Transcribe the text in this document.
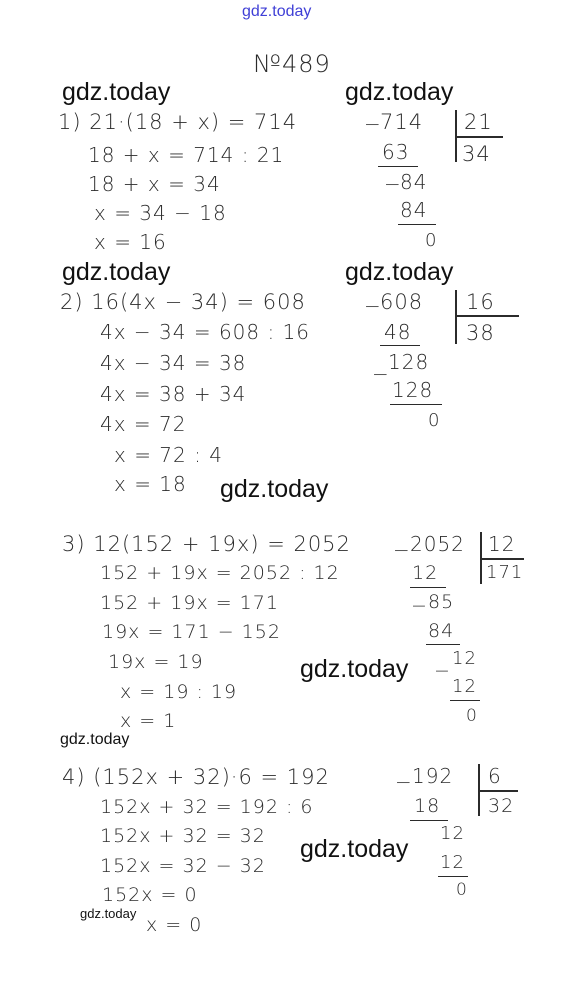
gdz.today
№489
gdz.today	gdz.today
gdz.today	gdz.today
gdz.today
gdz.today
gdz.today
gdz.today
gdz.today
1) 21·(18 + x) = 714
18 + x = 714 : 21
18 + x = 34
x = 34 − 18
x = 16
−
714 21
34
63
−
84
84
0
2) 16(4x − 34) = 608
4x − 34 = 608 : 16
4x − 34 = 38
4x = 38 + 34
4x = 72
x = 72 : 4
x = 18
−
608 16
38
48
−
128
128
0
3) 12(152 + 19x) = 2052
152 + 19x = 2052 : 12
152 + 19x = 171
19x = 171 − 152
19x = 19
x = 19 : 19
x = 1
− 2052 12
171
12
− 85
84
−
12
12
0
4) (152x + 32)·6 = 192
152x + 32 = 192 : 6
152x + 32 = 32
152x = 32 − 32
152x = 0
x = 0
− 192 6
32
18
12
12
0
